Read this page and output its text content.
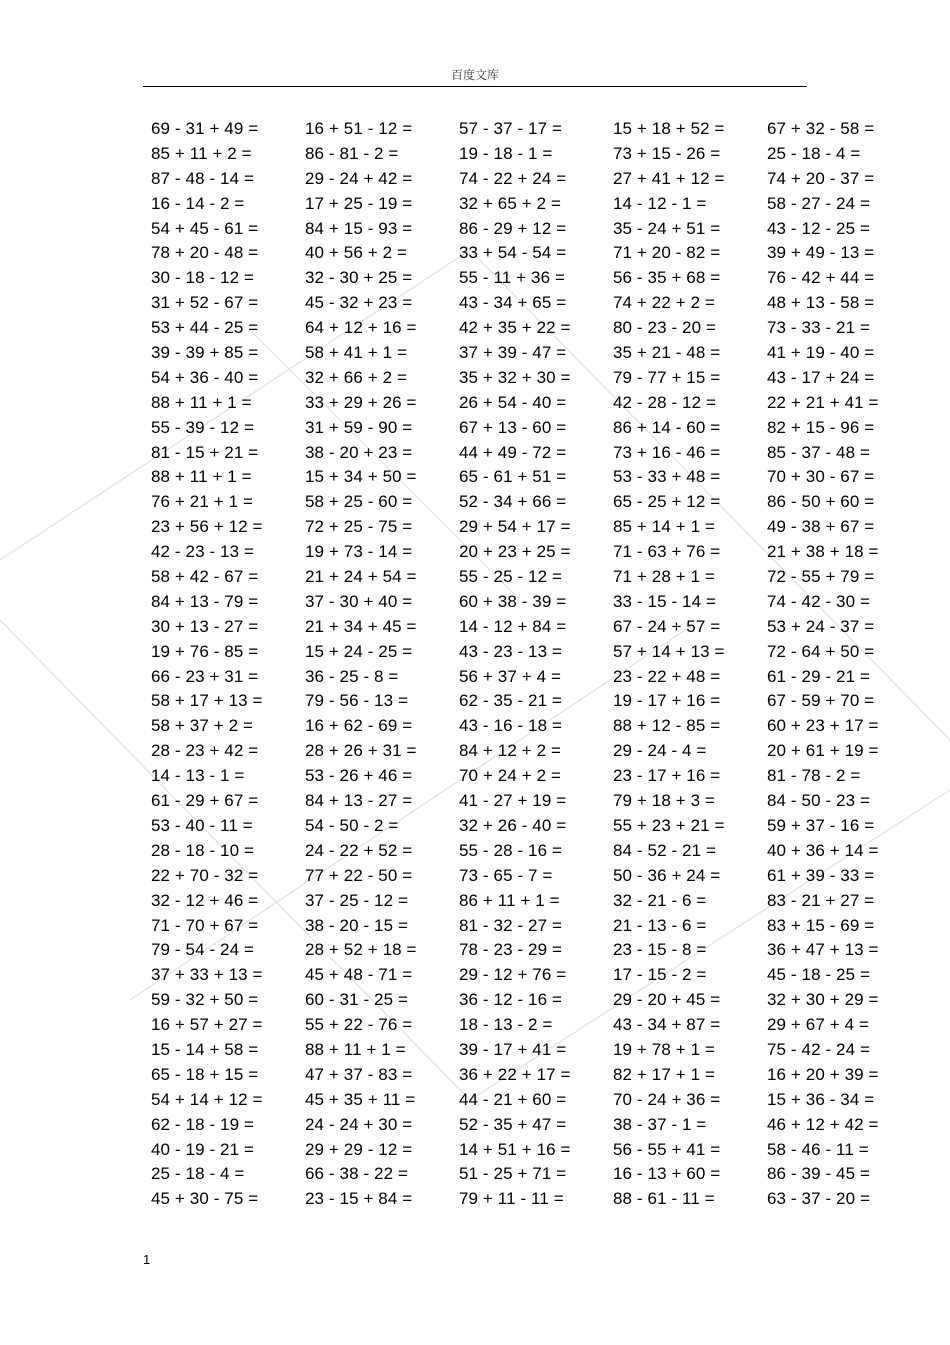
百度文库
69 - 31 + 49 =	16 + 51 - 12 =	57 - 37 - 17 =	15 + 18 + 52 =	67 + 32 - 58 =
85 + 11 + 2 =	86 - 81 - 2 =	19 - 18 - 1 =	73 + 15 - 26 =	25 - 18 - 4 =
87 - 48 - 14 =	29 - 24 + 42 =	74 - 22 + 24 =	27 + 41 + 12 =	74 + 20 - 37 =
16 - 14 - 2 =	17 + 25 - 19 =	32 + 65 + 2 =	14 - 12 - 1 =	58 - 27 - 24 =
54 + 45 - 61 =	84 + 15 - 93 =	86 - 29 + 12 =	35 - 24 + 51 =	43 - 12 - 25 =
78 + 20 - 48 =	40 + 56 + 2 =	33 + 54 - 54 =	71 + 20 - 82 =	39 + 49 - 13 =
30 - 18 - 12 =	32 - 30 + 25 =	55 - 11 + 36 =	56 - 35 + 68 =	76 - 42 + 44 =
31 + 52 - 67 =	45 - 32 + 23 =	43 - 34 + 65 =	74 + 22 + 2 =	48 + 13 - 58 =
53 + 44 - 25 =	64 + 12 + 16 =	42 + 35 + 22 =	80 - 23 - 20 =	73 - 33 - 21 =
39 - 39 + 85 =	58 + 41 + 1 =	37 + 39 - 47 =	35 + 21 - 48 =	41 + 19 - 40 =
54 + 36 - 40 =	32 + 66 + 2 =	35 + 32 + 30 =	79 - 77 + 15 =	43 - 17 + 24 =
88 + 11 + 1 =	33 + 29 + 26 =	26 + 54 - 40 =	42 - 28 - 12 =	22 + 21 + 41 =
55 - 39 - 12 =	31 + 59 - 90 =	67 + 13 - 60 =	86 + 14 - 60 =	82 + 15 - 96 =
81 - 15 + 21 =	38 - 20 + 23 =	44 + 49 - 72 =	73 + 16 - 46 =	85 - 37 - 48 =
88 + 11 + 1 =	15 + 34 + 50 =	65 - 61 + 51 =	53 - 33 + 48 =	70 + 30 - 67 =
76 + 21 + 1 =	58 + 25 - 60 =	52 - 34 + 66 =	65 - 25 + 12 =	86 - 50 + 60 =
23 + 56 + 12 =	72 + 25 - 75 =	29 + 54 + 17 =	85 + 14 + 1 =	49 - 38 + 67 =
42 - 23 - 13 =	19 + 73 - 14 =	20 + 23 + 25 =	71 - 63 + 76 =	21 + 38 + 18 =
58 + 42 - 67 =	21 + 24 + 54 =	55 - 25 - 12 =	71 + 28 + 1 =	72 - 55 + 79 =
84 + 13 - 79 =	37 - 30 + 40 =	60 + 38 - 39 =	33 - 15 - 14 =	74 - 42 - 30 =
30 + 13 - 27 =	21 + 34 + 45 =	14 - 12 + 84 =	67 - 24 + 57 =	53 + 24 - 37 =
19 + 76 - 85 =	15 + 24 - 25 =	43 - 23 - 13 =	57 + 14 + 13 =	72 - 64 + 50 =
66 - 23 + 31 =	36 - 25 - 8 =	56 + 37 + 4 =	23 - 22 + 48 =	61 - 29 - 21 =
58 + 17 + 13 =	79 - 56 - 13 =	62 - 35 - 21 =	19 - 17 + 16 =	67 - 59 + 70 =
58 + 37 + 2 =	16 + 62 - 69 =	43 - 16 - 18 =	88 + 12 - 85 =	60 + 23 + 17 =
28 - 23 + 42 =	28 + 26 + 31 =	84 + 12 + 2 =	29 - 24 - 4 =	20 + 61 + 19 =
14 - 13 - 1 =	53 - 26 + 46 =	70 + 24 + 2 =	23 - 17 + 16 =	81 - 78 - 2 =
61 - 29 + 67 =	84 + 13 - 27 =	41 - 27 + 19 =	79 + 18 + 3 =	84 - 50 - 23 =
53 - 40 - 11 =	54 - 50 - 2 =	32 + 26 - 40 =	55 + 23 + 21 =	59 + 37 - 16 =
28 - 18 - 10 =	24 - 22 + 52 =	55 - 28 - 16 =	84 - 52 - 21 =	40 + 36 + 14 =
22 + 70 - 32 =	77 + 22 - 50 =	73 - 65 - 7 =	50 - 36 + 24 =	61 + 39 - 33 =
32 - 12 + 46 =	37 - 25 - 12 =	86 + 11 + 1 =	32 - 21 - 6 =	83 - 21 + 27 =
71 - 70 + 67 =	38 - 20 - 15 =	81 - 32 - 27 =	21 - 13 - 6 =	83 + 15 - 69 =
79 - 54 - 24 =	28 + 52 + 18 =	78 - 23 - 29 =	23 - 15 - 8 =	36 + 47 + 13 =
37 + 33 + 13 =	45 + 48 - 71 =	29 - 12 + 76 =	17 - 15 - 2 =	45 - 18 - 25 =
59 - 32 + 50 =	60 - 31 - 25 =	36 - 12 - 16 =	29 - 20 + 45 =	32 + 30 + 29 =
16 + 57 + 27 =	55 + 22 - 76 =	18 - 13 - 2 =	43 - 34 + 87 =	29 + 67 + 4 =
15 - 14 + 58 =	88 + 11 + 1 =	39 - 17 + 41 =	19 + 78 + 1 =	75 - 42 - 24 =
65 - 18 + 15 =	47 + 37 - 83 =	36 + 22 + 17 =	82 + 17 + 1 =	16 + 20 + 39 =
54 + 14 + 12 =	45 + 35 + 11 =	44 - 21 + 60 =	70 - 24 + 36 =	15 + 36 - 34 =
62 - 18 - 19 =	24 - 24 + 30 =	52 - 35 + 47 =	38 - 37 - 1 =	46 + 12 + 42 =
40 - 19 - 21 =	29 + 29 - 12 =	14 + 51 + 16 =	56 - 55 + 41 =	58 - 46 - 11 =
25 - 18 - 4 =	66 - 38 - 22 =	51 - 25 + 71 =	16 - 13 + 60 =	86 - 39 - 45 =
45 + 30 - 75 =	23 - 15 + 84 =	79 + 11 - 11 =	88 - 61 - 11 =	63 - 37 - 20 =
1
